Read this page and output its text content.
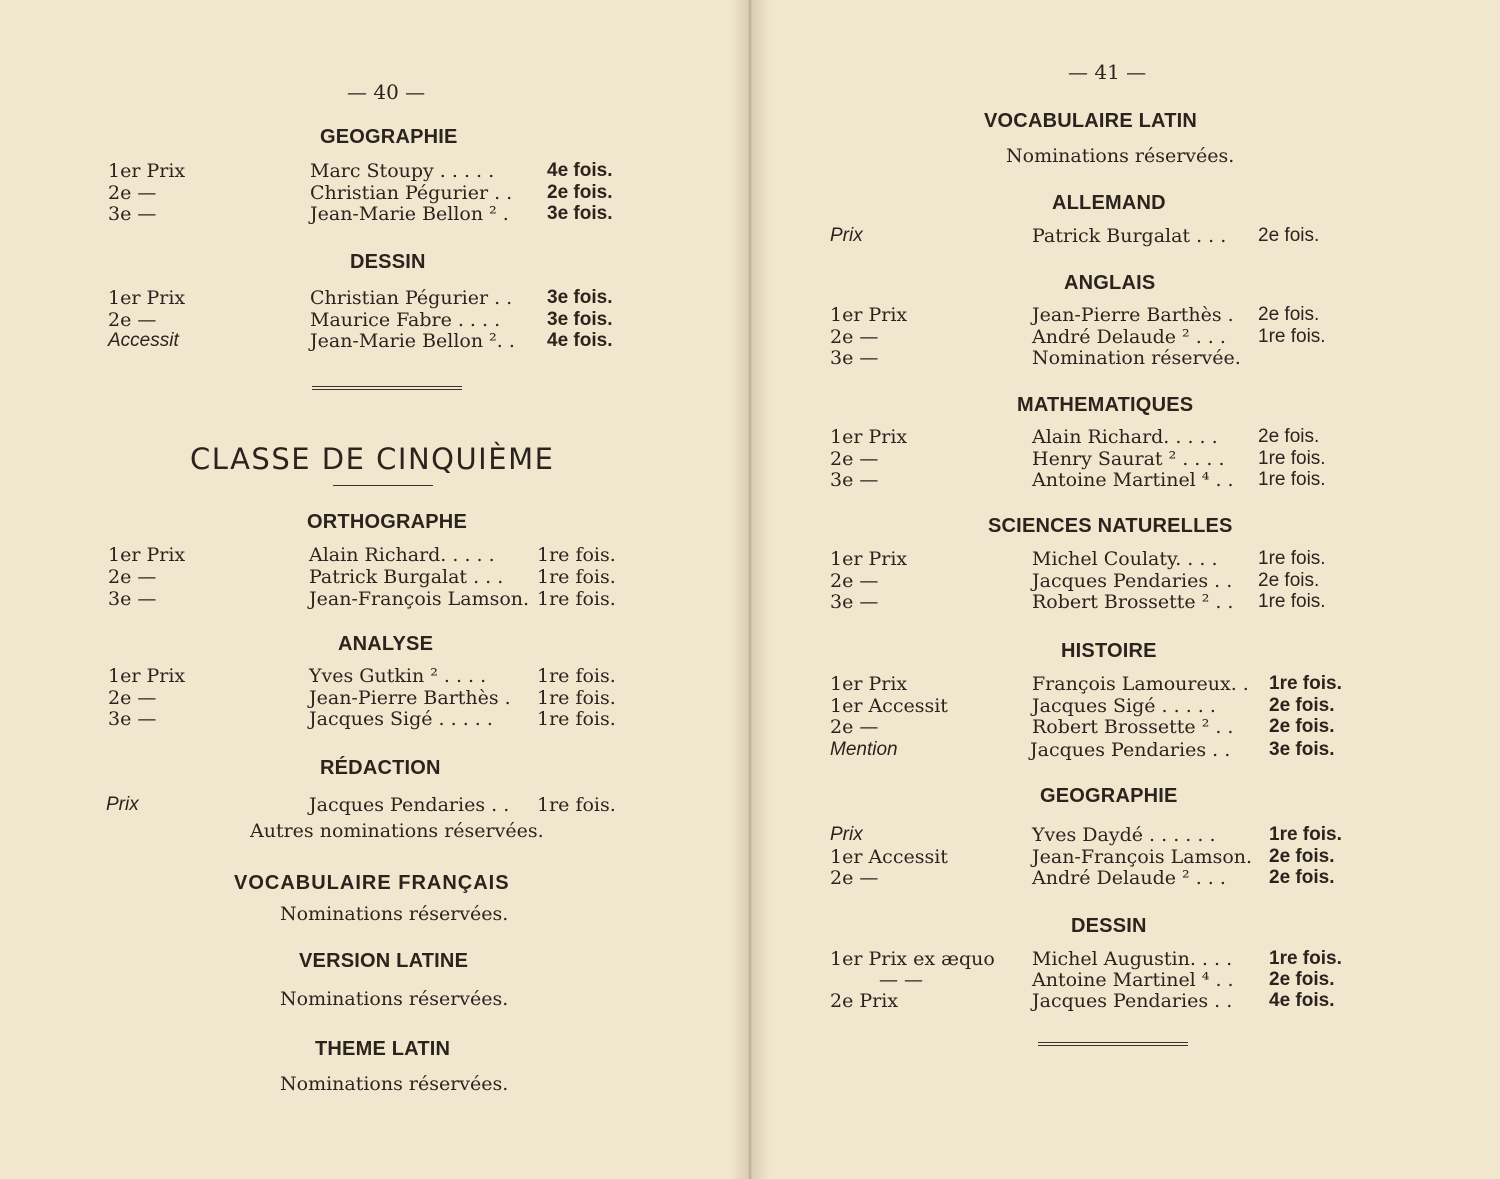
— 40 —
GEOGRAPHIE
1er Prix	Marc Stoupy . . . . .	4e fois.
2e —	Christian Pégurier . . 2e fois.
3e —	Jean-Marie Bellon ² . 3e fois.
DESSIN
1er Prix	Christian Pégurier . . 3e fois.
2e —	Maurice Fabre . . . . 3e fois.
Accessit	Jean-Marie Bellon ². . 4e fois.
CLASSE DE CINQUIÈME
ORTHOGRAPHE
1er Prix	Alain Richard. . . . . 1re fois.
2e —	Patrick Burgalat . . . 1re fois.
3e —	Jean-François Lamson. 1re fois.
ANALYSE
1er Prix	Yves Gutkin ² . . . .	1re fois.
2e —	Jean-Pierre Barthès . 1re fois.
3e —	Jacques Sigé . . . . . 1re fois.
RÉDACTION
Prix	Jacques Pendaries . . 1re fois.
Autres nominations réservées.
VOCABULAIRE FRANÇAIS
Nominations réservées.
VERSION LATINE
Nominations réservées.
THEME LATIN
Nominations réservées.
— 41 —
VOCABULAIRE LATIN
Nominations réservées.
ALLEMAND
Prix	Patrick Burgalat . . . 2e fois.
ANGLAIS
1er Prix	Jean-Pierre Barthès . 2e fois.
2e —	André Delaude ² . . . 1re fois.
3e —	Nomination réservée.
MATHEMATIQUES
1er Prix	Alain Richard. . . . . 2e fois.
2e —	Henry Saurat ² . . . . 1re fois.
3e —	Antoine Martinel ⁴ . . 1re fois.
SCIENCES NATURELLES
1er Prix	Michel Coulaty. . . . 1re fois.
2e —	Jacques Pendaries . . 2e fois.
3e —	Robert Brossette ² . . 1re fois.
HISTOIRE
1er Prix	François Lamoureux. . 1re fois.
1er Accessit	Jacques Sigé . . . . .	2e fois.
2e —	Robert Brossette ² . . 2e fois.
Mention	Jacques Pendaries . . 3e fois.
GEOGRAPHIE
Prix	Yves Daydé . . . . . .	1re fois.
1er Accessit	Jean-François Lamson. 2e fois.
2e —	André Delaude ² . . . 2e fois.
DESSIN
1er Prix ex æquo Michel Augustin. . . . 1re fois.
— —	Antoine Martinel ⁴ . . 2e fois.
2e Prix	Jacques Pendaries . . 4e fois.
